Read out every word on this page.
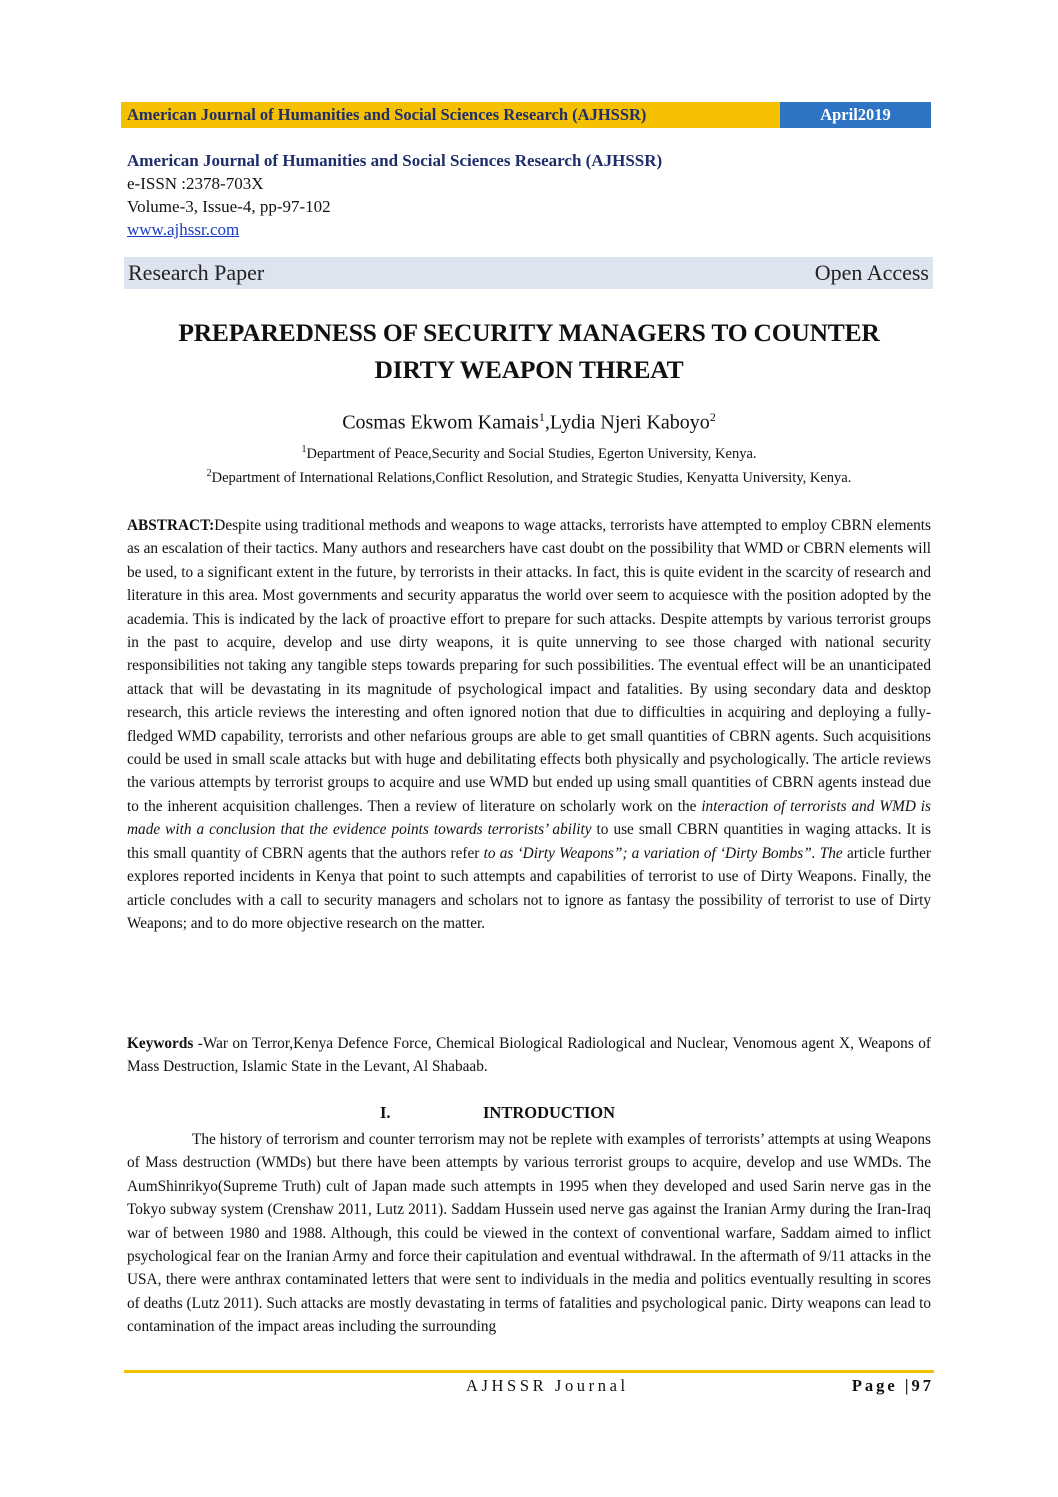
American Journal of Humanities and Social Sciences Research (AJHSSR)	April2019
American Journal of Humanities and Social Sciences Research (AJHSSR)
e-ISSN :2378-703X
Volume-3, Issue-4, pp-97-102
www.ajhssr.com
Research Paper	Open Access
PREPAREDNESS OF SECURITY MANAGERS TO COUNTER
DIRTY WEAPON THREAT
Cosmas Ekwom Kamais$^1$,Lydia Njeri Kaboyo$^2$
$^1$Department of Peace,Security and Social Studies, Egerton University, Kenya.
$^2$Department of International Relations,Conflict Resolution, and Strategic Studies, Kenyatta University, Kenya.
ABSTRACT:Despite using traditional methods and weapons to wage attacks, terrorists have attempted to employ CBRN elements as an escalation of their tactics. Many authors and researchers have cast doubt on the possibility that WMD or CBRN elements will be used, to a significant extent in the future, by terrorists in their attacks. In fact, this is quite evident in the scarcity of research and literature in this area. Most governments and security apparatus the world over seem to acquiesce with the position adopted by the academia. This is indicated by the lack of proactive effort to prepare for such attacks. Despite attempts by various terrorist groups in the past to acquire, develop and use dirty weapons, it is quite unnerving to see those charged with national security responsibilities not taking any tangible steps towards preparing for such possibilities. The eventual effect will be an unanticipated attack that will be devastating in its magnitude of psychological impact and fatalities. By using secondary data and desktop research, this article reviews the interesting and often ignored notion that due to difficulties in acquiring and deploying a fully-fledged WMD capability, terrorists and other nefarious groups are able to get small quantities of CBRN agents. Such acquisitions could be used in small scale attacks but with huge and debilitating effects both physically and psychologically. The article reviews the various attempts by terrorist groups to acquire and use WMD but ended up using small quantities of CBRN agents instead due to the inherent acquisition challenges. Then a review of literature on scholarly work on the interaction of terrorists and WMD is made with a conclusion that the evidence points towards terrorists’ ability to use small CBRN quantities in waging attacks. It is this small quantity of CBRN agents that the authors refer to as ‘Dirty Weapons”; a variation of ‘Dirty Bombs”. The article further explores reported incidents in Kenya that point to such attempts and capabilities of terrorist to use of Dirty Weapons. Finally, the article concludes with a call to security managers and scholars not to ignore as fantasy the possibility of terrorist to use of Dirty Weapons; and to do more objective research on the matter.
Keywords -War on Terror,Kenya Defence Force, Chemical Biological Radiological and Nuclear, Venomous agent X, Weapons of Mass Destruction, Islamic State in the Levant, Al Shabaab.
I.	INTRODUCTION
The history of terrorism and counter terrorism may not be replete with examples of terrorists’ attempts at using Weapons of Mass destruction (WMDs) but there have been attempts by various terrorist groups to acquire, develop and use WMDs. The AumShinrikyo(Supreme Truth) cult of Japan made such attempts in 1995 when they developed and used Sarin nerve gas in the Tokyo subway system (Crenshaw 2011, Lutz 2011). Saddam Hussein used nerve gas against the Iranian Army during the Iran-Iraq war of between 1980 and 1988. Although, this could be viewed in the context of conventional warfare, Saddam aimed to inflict psychological fear on the Iranian Army and force their capitulation and eventual withdrawal. In the aftermath of 9/11 attacks in the USA, there were anthrax contaminated letters that were sent to individuals in the media and politics eventually resulting in scores of deaths (Lutz 2011). Such attacks are mostly devastating in terms of fatalities and psychological panic. Dirty weapons can lead to contamination of the impact areas including the surrounding
AJHSSR Journal	Page |97
